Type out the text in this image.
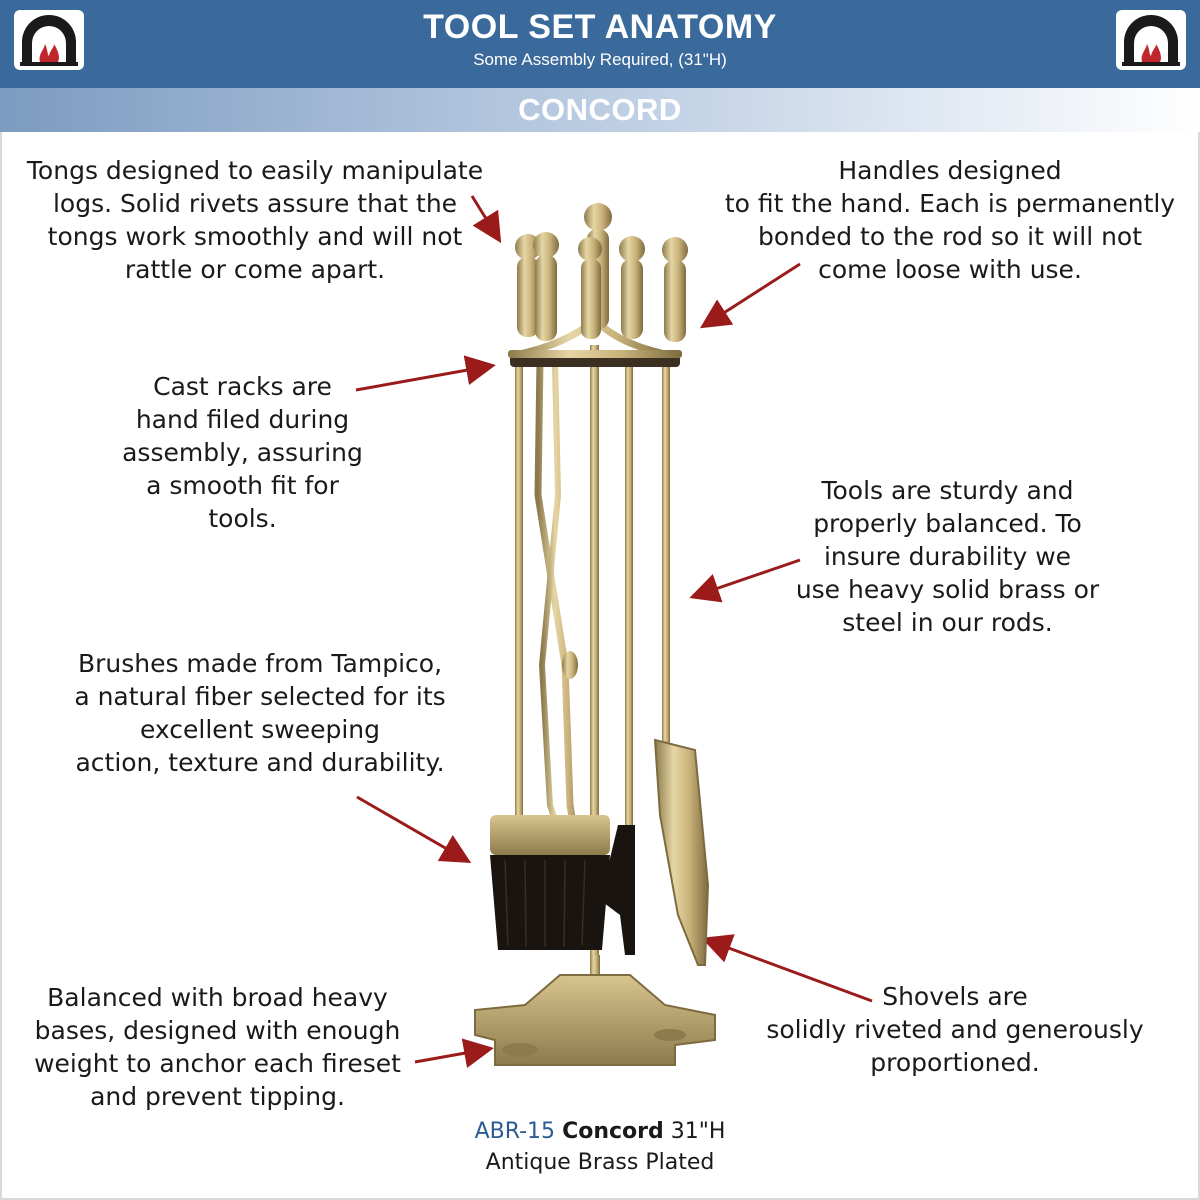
TOOL SET ANATOMY
Some Assembly Required, (31"H)
CONCORD
Tongs designed to easily manipulate
logs. Solid rivets assure that the
tongs work smoothly and will not
rattle or come apart.
Handles designed
to fit the hand. Each is permanently
bonded to the rod so it will not
come loose with use.
Cast racks are
hand filed during
assembly, assuring
a smooth fit for
tools.
Tools are sturdy and
properly balanced. To
insure durability we
use heavy solid brass or
steel in our rods.
Brushes made from Tampico,
a natural fiber selected for its
excellent sweeping
action, texture and durability.
Balanced with broad heavy
bases, designed with enough
weight to anchor each fireset
and prevent tipping.
Shovels are
solidly riveted and generously
proportioned.
ABR-15 Concord 31"H
Antique Brass Plated
